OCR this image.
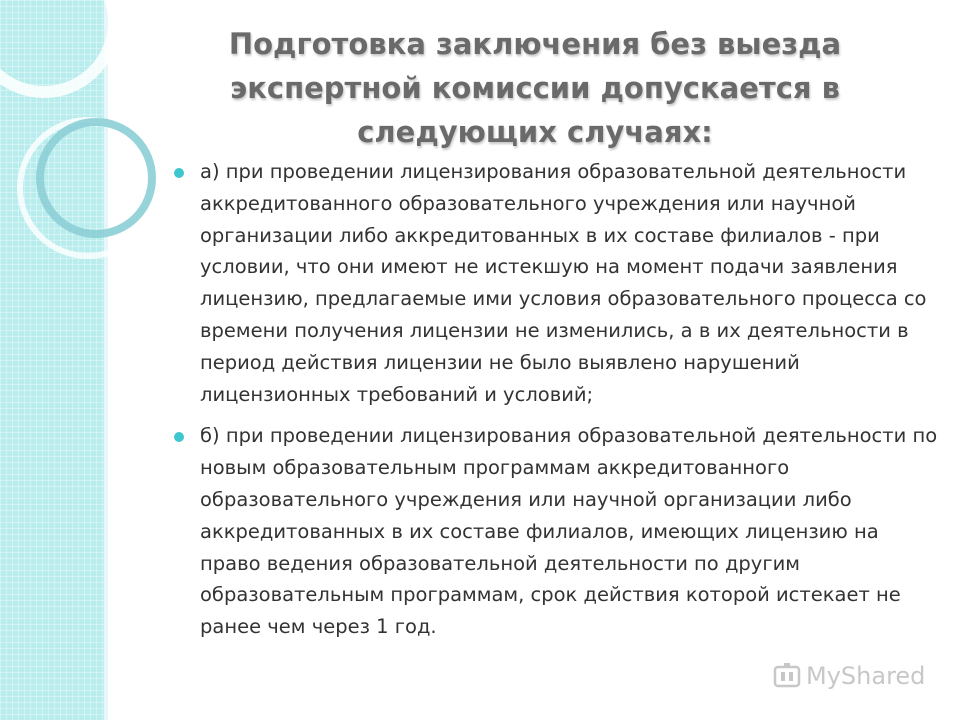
Подготовка заключения без выезда экспертной комиссии допускается в следующих случаях:
а) при проведении лицензирования образовательной деятельности аккредитованного образовательного учреждения или научной организации либо аккредитованных в их составе филиалов - при условии, что они имеют не истекшую на момент подачи заявления лицензию, предлагаемые ими условия образовательного процесса со времени получения лицензии не изменились, а в их деятельности в период действия лицензии не было выявлено нарушений лицензионных требований и условий;
б) при проведении лицензирования образовательной деятельности по новым образовательным программам аккредитованного образовательного учреждения или научной организации либо аккредитованных в их составе филиалов, имеющих лицензию на право ведения образовательной деятельности по другим образовательным программам, срок действия которой истекает не ранее чем через 1 год.
MyShared
